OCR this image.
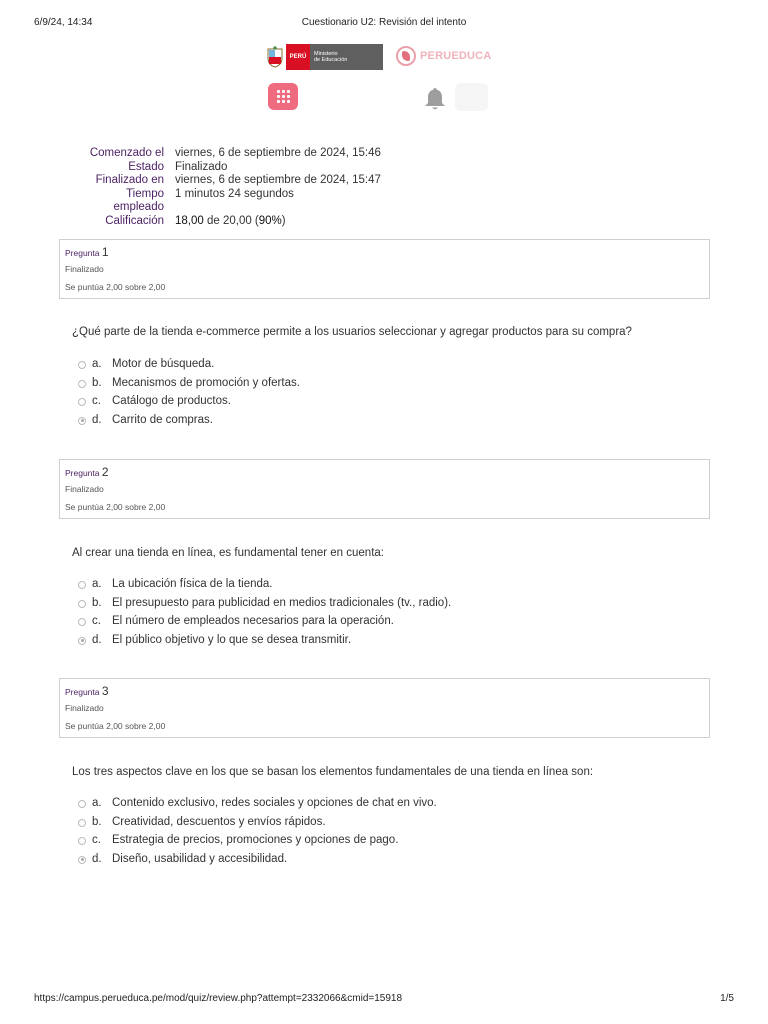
6/9/24, 14:34	Cuestionario U2: Revisión del intento
PERÚ	Ministerio
de Educación	PERUEDUCA
Comenzado el viernes, 6 de septiembre de 2024, 15:46
Estado Finalizado
Finalizado en viernes, 6 de septiembre de 2024, 15:47
Tiempo
empleado
1 minutos 24 segundos
Calificación 18,00 de 20,00 (90%)
Pregunta 1
Finalizado
Se puntúa 2,00 sobre 2,00
¿Qué parte de la tienda e-commerce permite a los usuarios seleccionar y agregar productos para su compra?
a. Motor de búsqueda.
b. Mecanismos de promoción y ofertas.
c. Catálogo de productos.
d. Carrito de compras.
Pregunta 2
Finalizado
Se puntúa 2,00 sobre 2,00
Al crear una tienda en línea, es fundamental tener en cuenta:
a. La ubicación física de la tienda.
b. El presupuesto para publicidad en medios tradicionales (tv., radio).
c. El número de empleados necesarios para la operación.
d. El público objetivo y lo que se desea transmitir.
Pregunta 3
Finalizado
Se puntúa 2,00 sobre 2,00
Los tres aspectos clave en los que se basan los elementos fundamentales de una tienda en línea son:
a. Contenido exclusivo, redes sociales y opciones de chat en vivo.
b. Creatividad, descuentos y envíos rápidos.
c. Estrategia de precios, promociones y opciones de pago.
d. Diseño, usabilidad y accesibilidad.
https://campus.perueduca.pe/mod/quiz/review.php?attempt=2332066&cmid=15918	1/5
